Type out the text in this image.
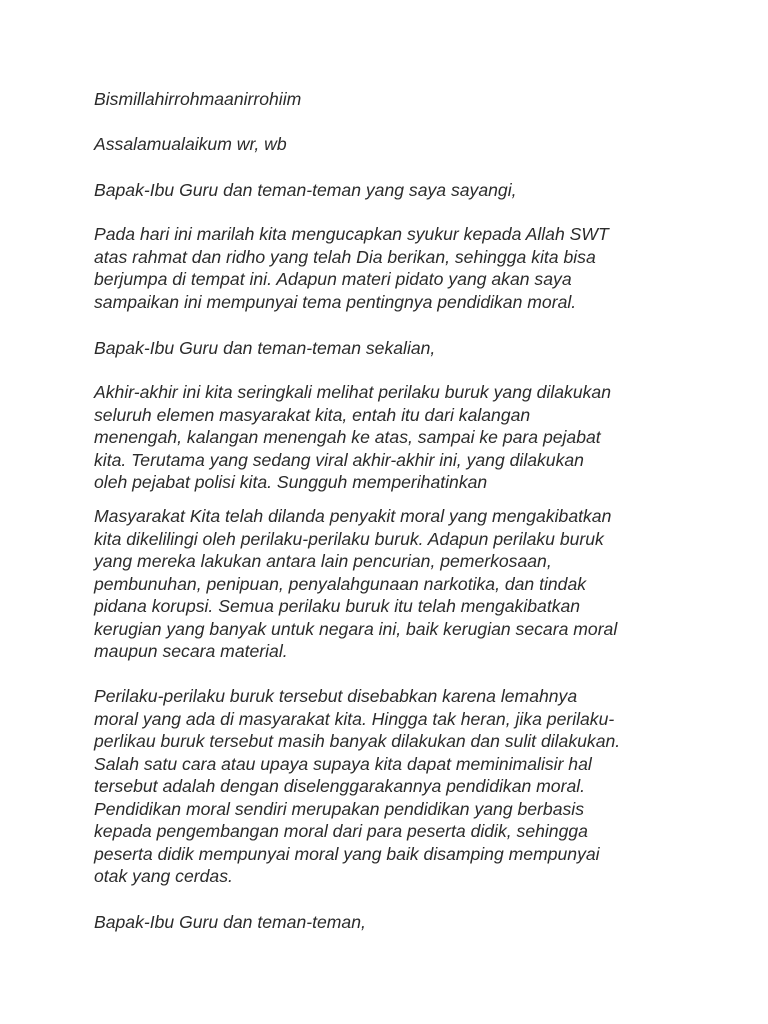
Bismillahirrohmaanirrohiim

Assalamualaikum wr, wb

Bapak-Ibu Guru dan teman-teman yang saya sayangi,

Pada hari ini marilah kita mengucapkan syukur kepada Allah SWT
atas rahmat dan ridho yang telah Dia berikan, sehingga kita bisa
berjumpa di tempat ini. Adapun materi pidato yang akan saya
sampaikan ini mempunyai tema pentingnya pendidikan moral.

Bapak-Ibu Guru dan teman-teman sekalian,

Akhir-akhir ini kita seringkali melihat perilaku buruk yang dilakukan
seluruh elemen masyarakat kita, entah itu dari kalangan
menengah, kalangan menengah ke atas, sampai ke para pejabat
kita. Terutama yang sedang viral akhir-akhir ini, yang dilakukan
oleh pejabat polisi kita. Sungguh memperihatinkan

Masyarakat Kita telah dilanda penyakit moral yang mengakibatkan
kita dikelilingi oleh perilaku-perilaku buruk. Adapun perilaku buruk
yang mereka lakukan antara lain pencurian, pemerkosaan,
pembunuhan, penipuan, penyalahgunaan narkotika, dan tindak
pidana korupsi. Semua perilaku buruk itu telah mengakibatkan
kerugian yang banyak untuk negara ini, baik kerugian secara moral
maupun secara material.

Perilaku-perilaku buruk tersebut disebabkan karena lemahnya
moral yang ada di masyarakat kita. Hingga tak heran, jika perilaku-
perlikau buruk tersebut masih banyak dilakukan dan sulit dilakukan.
Salah satu cara atau upaya supaya kita dapat meminimalisir hal
tersebut adalah dengan diselenggarakannya pendidikan moral.
Pendidikan moral sendiri merupakan pendidikan yang berbasis
kepada pengembangan moral dari para peserta didik, sehingga
peserta didik mempunyai moral yang baik disamping mempunyai
otak yang cerdas.

Bapak-Ibu Guru dan teman-teman,
